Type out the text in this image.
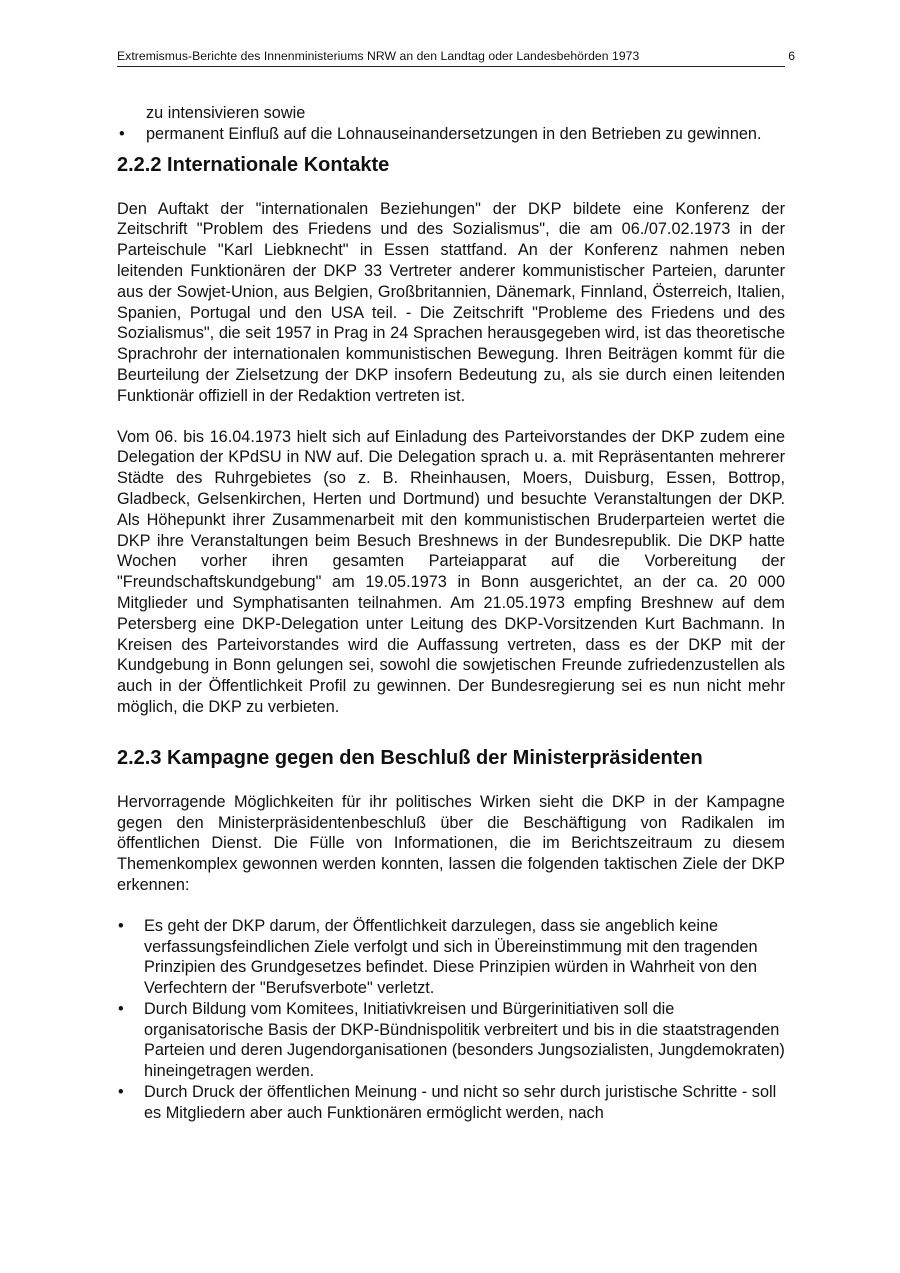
Extremismus-Berichte des Innenministeriums NRW an den Landtag oder Landesbehörden 1973	6

zu intensivieren sowie

• permanent Einfluß auf die Lohnauseinandersetzungen in den Betrieben zu gewinnen.
2.2.2 Internationale Kontakte

Den Auftakt der "internationalen Beziehungen" der DKP bildete eine Konferenz der Zeitschrift "Problem des Friedens und des Sozialismus", die am 06./07.02.1973 in der Parteischule "Karl Liebknecht" in Essen stattfand. An der Konferenz nahmen neben leitenden Funktionären der DKP 33 Vertreter anderer kommunistischer Parteien, darunter aus der Sowjet-Union, aus Belgien, Großbritannien, Dänemark, Finnland, Österreich, Italien, Spanien, Portugal und den USA teil. - Die Zeitschrift "Probleme des Friedens und des Sozialismus", die seit 1957 in Prag in 24 Sprachen herausgegeben wird, ist das theoretische Sprachrohr der internationalen kommunistischen Bewegung. Ihren Beiträgen kommt für die Beurteilung der Zielsetzung der DKP insofern Bedeutung zu, als sie durch einen leitenden Funktionär offiziell in der Redaktion vertreten ist.

Vom 06. bis 16.04.1973 hielt sich auf Einladung des Parteivorstandes der DKP zudem eine Delegation der KPdSU in NW auf. Die Delegation sprach u. a. mit Repräsentanten mehrerer Städte des Ruhrgebietes (so z. B. Rheinhausen, Moers, Duisburg, Essen, Bottrop, Gladbeck, Gelsenkirchen, Herten und Dortmund) und besuchte Veranstaltungen der DKP. Als Höhepunkt ihrer Zusammenarbeit mit den kommunistischen Bruderparteien wertet die DKP ihre Veranstaltungen beim Besuch Breshnews in der Bundesrepublik. Die DKP hatte Wochen vorher ihren gesamten Parteiapparat auf die Vorbereitung der "Freundschaftskundgebung" am 19.05.1973 in Bonn ausgerichtet, an der ca. 20 000 Mitglieder und Symphatisanten teilnahmen. Am 21.05.1973 empfing Breshnew auf dem Petersberg eine DKP-Delegation unter Leitung des DKP-Vorsitzenden Kurt Bachmann. In Kreisen des Parteivorstandes wird die Auffassung vertreten, dass es der DKP mit der Kundgebung in Bonn gelungen sei, sowohl die sowjetischen Freunde zufriedenzustellen als auch in der Öffentlichkeit Profil zu gewinnen. Der Bundesregierung sei es nun nicht mehr möglich, die DKP zu verbieten.

2.2.3 Kampagne gegen den Beschluß der Ministerpräsidenten

Hervorragende Möglichkeiten für ihr politisches Wirken sieht die DKP in der Kampagne gegen den Ministerpräsidentenbeschluß über die Beschäftigung von Radikalen im öffentlichen Dienst. Die Fülle von Informationen, die im Berichtszeitraum zu diesem Themenkomplex gewonnen werden konnten, lassen die folgenden taktischen Ziele der DKP erkennen:

• Es geht der DKP darum, der Öffentlichkeit darzulegen, dass sie angeblich keine verfassungsfeindlichen Ziele verfolgt und sich in Übereinstimmung mit den tragenden Prinzipien des Grundgesetzes befindet. Diese Prinzipien würden in Wahrheit von den Verfechtern der "Berufsverbote" verletzt.
• Durch Bildung vom Komitees, Initiativkreisen und Bürgerinitiativen soll die organisatorische Basis der DKP-Bündnispolitik verbreitert und bis in die staatstragenden Parteien und deren Jugendorganisationen (besonders Jungsozialisten, Jungdemokraten) hineingetragen werden.
• Durch Druck der öffentlichen Meinung - und nicht so sehr durch juristische Schritte - soll es Mitgliedern aber auch Funktionären ermöglicht werden, nach
